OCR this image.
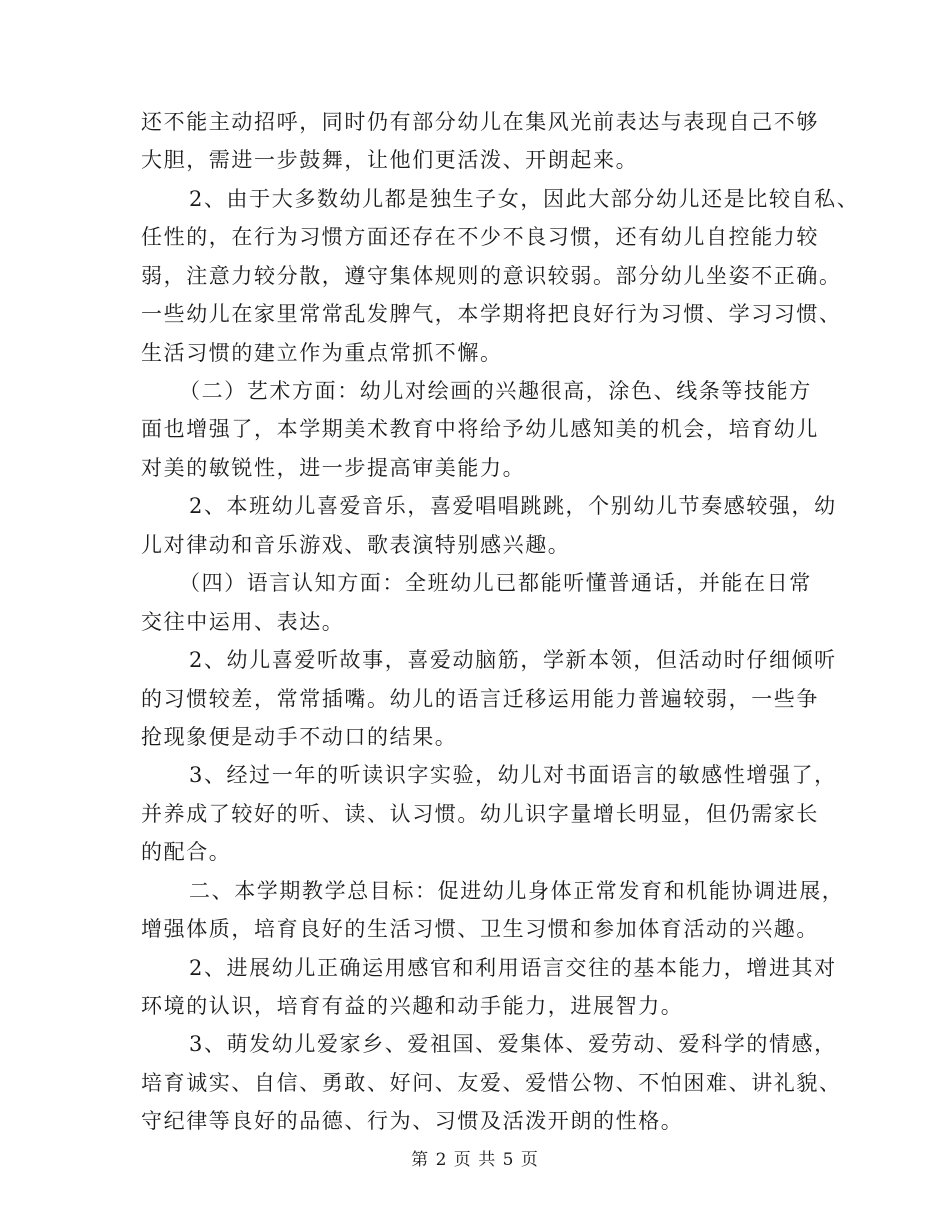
还不能主动招呼，同时仍有部分幼儿在集风光前表达与表现自己不够
大胆，需进一步鼓舞，让他们更活泼、开朗起来。
2、由于大多数幼儿都是独生子女，因此大部分幼儿还是比较自私、
任性的，在行为习惯方面还存在不少不良习惯，还有幼儿自控能力较
弱，注意力较分散，遵守集体规则的意识较弱。部分幼儿坐姿不正确。
一些幼儿在家里常常乱发脾气，本学期将把良好行为习惯、学习习惯、
生活习惯的建立作为重点常抓不懈。
（二）艺术方面：幼儿对绘画的兴趣很高，涂色、线条等技能方
面也增强了，本学期美术教育中将给予幼儿感知美的机会，培育幼儿
对美的敏锐性，进一步提高审美能力。
2、本班幼儿喜爱音乐，喜爱唱唱跳跳，个别幼儿节奏感较强，幼
儿对律动和音乐游戏、歌表演特别感兴趣。
（四）语言认知方面：全班幼儿已都能听懂普通话，并能在日常
交往中运用、表达。
2、幼儿喜爱听故事，喜爱动脑筋，学新本领，但活动时仔细倾听
的习惯较差，常常插嘴。幼儿的语言迁移运用能力普遍较弱，一些争
抢现象便是动手不动口的结果。
3、经过一年的听读识字实验，幼儿对书面语言的敏感性增强了，
并养成了较好的听、读、认习惯。幼儿识字量增长明显，但仍需家长
的配合。
二、本学期教学总目标：促进幼儿身体正常发育和机能协调进展，
增强体质，培育良好的生活习惯、卫生习惯和参加体育活动的兴趣。
2、进展幼儿正确运用感官和利用语言交往的基本能力，增进其对
环境的认识，培育有益的兴趣和动手能力，进展智力。
3、萌发幼儿爱家乡、爱祖国、爱集体、爱劳动、爱科学的情感，
培育诚实、自信、勇敢、好问、友爱、爱惜公物、不怕困难、讲礼貌、
守纪律等良好的品德、行为、习惯及活泼开朗的性格。
第 2 页 共 5 页
